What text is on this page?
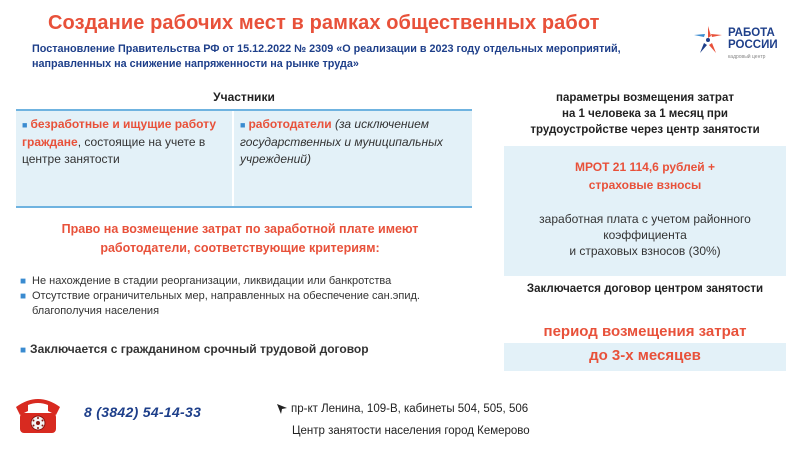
Создание рабочих мест в рамках общественных работ
Постановление Правительства РФ от 15.12.2022 № 2309 «О реализации в 2023 году отдельных мероприятий,
направленных на снижение напряженности на рынке труда»
РАБОТА
РОССИИ
кадровый центр
Участники
■ безработные и ищущие работу граждане, состоящие на учете в центре занятости
■ работодатели (за исключением государственных и муниципальных учреждений)
Право на возмещение затрат по заработной плате имеют
работодатели, соответствующие критериям:
■ Не нахождение в стадии реорганизации, ликвидации или банкротства
■ Отсутствие ограничительных мер, направленных на обеспечение сан.эпид. благополучия населения
■ Заключается с гражданином срочный трудовой договор
параметры возмещения затрат
на 1 человека за 1 месяц при
трудоустройстве через центр занятости
МРОТ 21 114,6 рублей +
страховые взносы
заработная плата с учетом районного
коэффициента
и страховых взносов (30%)
Заключается договор центром занятости
период возмещения затрат
до 3-х месяцев
8 (3842) 54-14-33	пр-кт Ленина, 109-В, кабинеты 504, 505, 506
Центр занятости населения город Кемерово
